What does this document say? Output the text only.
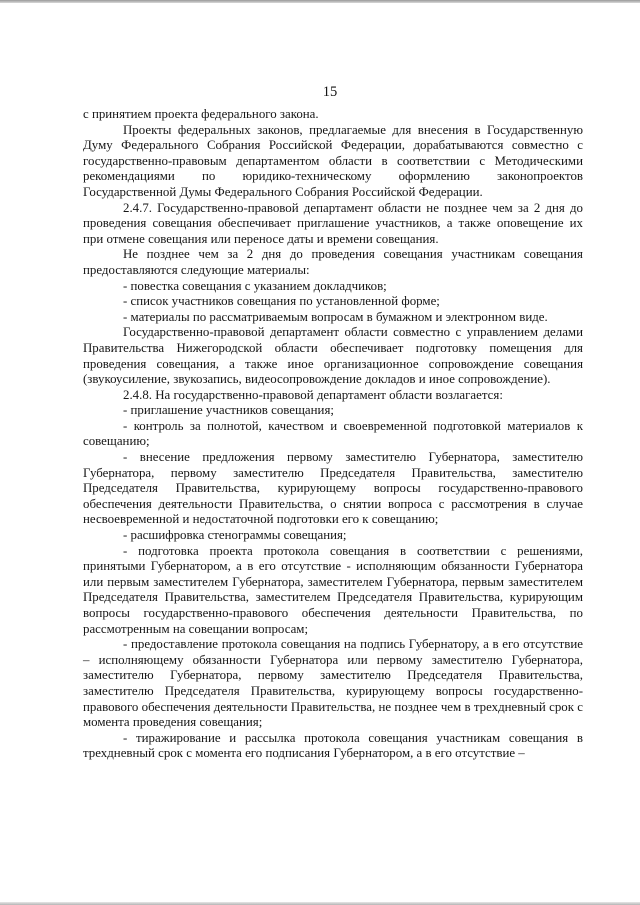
15

с принятием проекта федерального закона.

Проекты федеральных законов, предлагаемые для внесения в Государственную Думу Федерального Собрания Российской Федерации, дорабатываются совместно с государственно-правовым департаментом области в соответствии с Методическими рекомендациями по юридико-техническому оформлению законопроектов Государственной Думы Федерального Собрания Российской Федерации.

2.4.7. Государственно-правовой департамент области не позднее чем за 2 дня до проведения совещания обеспечивает приглашение участников, а также оповещение их при отмене совещания или переносе даты и времени совещания.

Не позднее чем за 2 дня до проведения совещания участникам совещания предоставляются следующие материалы:

- повестка совещания с указанием докладчиков;

- список участников совещания по установленной форме;

- материалы по рассматриваемым вопросам в бумажном и электронном виде.

Государственно-правовой департамент области совместно с управлением делами Правительства Нижегородской области обеспечивает подготовку помещения для проведения совещания, а также иное организационное сопровождение совещания (звукоусиление, звукозапись, видеосопровождение докладов и иное сопровождение).

2.4.8. На государственно-правовой департамент области возлагается:

- приглашение участников совещания;

- контроль за полнотой, качеством и своевременной подготовкой материалов к совещанию;

- внесение предложения первому заместителю Губернатора, заместителю Губернатора, первому заместителю Председателя Правительства, заместителю Председателя Правительства, курирующему вопросы государственно-правового обеспечения деятельности Правительства, о снятии вопроса с рассмотрения в случае несвоевременной и недостаточной подготовки его к совещанию;

- расшифровка стенограммы совещания;

- подготовка проекта протокола совещания в соответствии с решениями, принятыми Губернатором, а в его отсутствие - исполняющим обязанности Губернатора или первым заместителем Губернатора, заместителем Губернатора, первым заместителем Председателя Правительства, заместителем Председателя Правительства, курирующим вопросы государственно-правового обеспечения деятельности Правительства, по рассмотренным на совещании вопросам;

- предоставление протокола совещания на подпись Губернатору, а в его отсутствие – исполняющему обязанности Губернатора или первому заместителю Губернатора, заместителю Губернатора, первому заместителю Председателя Правительства, заместителю Председателя Правительства, курирующему вопросы государственно-правового обеспечения деятельности Правительства, не позднее чем в трехдневный срок с момента проведения совещания;

- тиражирование и рассылка протокола совещания участникам совещания в трехдневный срок с момента его подписания Губернатором, а в его отсутствие –
